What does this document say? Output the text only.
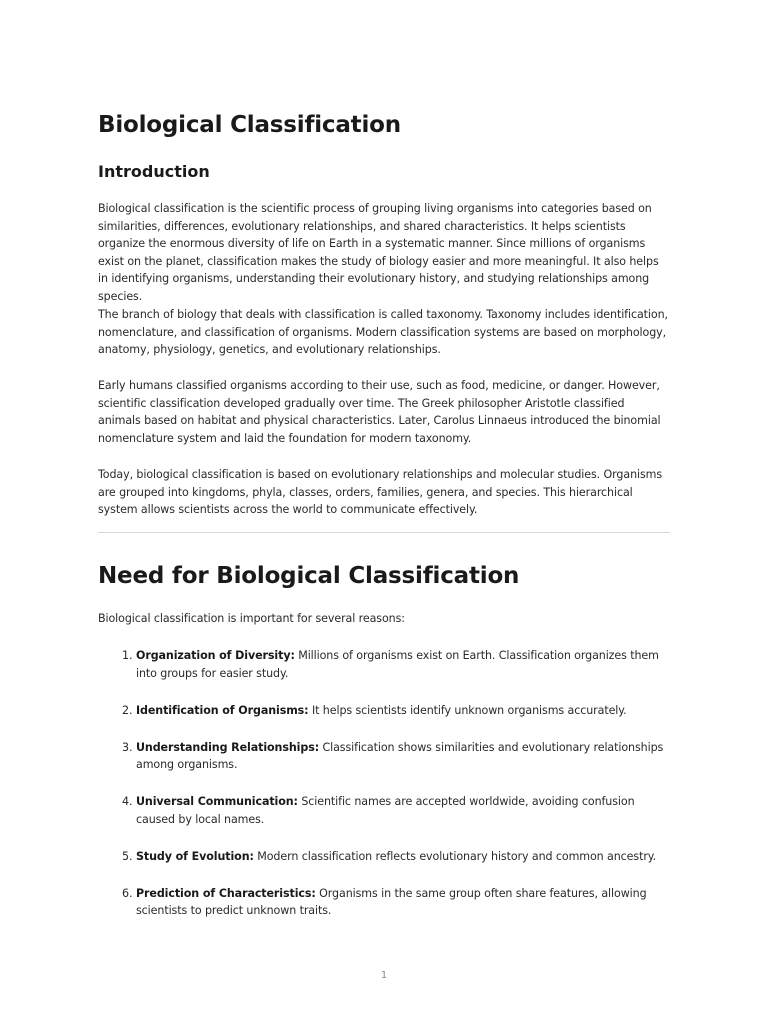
Biological Classification
Introduction

Biological classification is the scientific process of grouping living organisms into categories based on similarities, differences, evolutionary relationships, and shared characteristics. It helps scientists organize the enormous diversity of life on Earth in a systematic manner. Since millions of organisms exist on the planet, classification makes the study of biology easier and more meaningful. It also helps in identifying organisms, understanding their evolutionary history, and studying relationships among species.

The branch of biology that deals with classification is called taxonomy. Taxonomy includes identification, nomenclature, and classification of organisms. Modern classification systems are based on morphology, anatomy, physiology, genetics, and evolutionary relationships.

Early humans classified organisms according to their use, such as food, medicine, or danger. However, scientific classification developed gradually over time. The Greek philosopher Aristotle classified animals based on habitat and physical characteristics. Later, Carolus Linnaeus introduced the binomial nomenclature system and laid the foundation for modern taxonomy.

Today, biological classification is based on evolutionary relationships and molecular studies. Organisms are grouped into kingdoms, phyla, classes, orders, families, genera, and species. This hierarchical system allows scientists across the world to communicate effectively.

Need for Biological Classification

Biological classification is important for several reasons:

1. Organization of Diversity: Millions of organisms exist on Earth. Classification organizes them into groups for easier study.
2. Identification of Organisms: It helps scientists identify unknown organisms accurately.
3. Understanding Relationships: Classification shows similarities and evolutionary relationships among organisms.
4. Universal Communication: Scientific names are accepted worldwide, avoiding confusion caused by local names.
5. Study of Evolution: Modern classification reflects evolutionary history and common ancestry.
6. Prediction of Characteristics: Organisms in the same group often share features, allowing scientists to predict unknown traits.
1
